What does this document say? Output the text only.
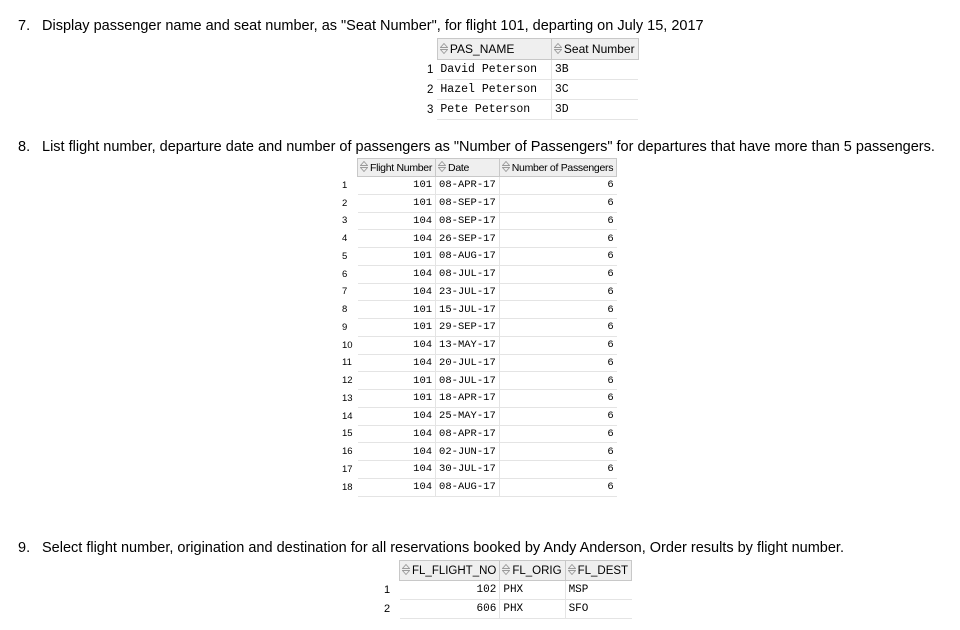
7. Display passenger name and seat number, as "Seat Number", for flight 101, departing on July 15, 2017

PAS_NAME	Seat Number
1	David Peterson	3B
2	Hazel Peterson	3C
3	Pete Peterson	3D
8. List flight number, departure date and number of passengers as "Number of Passengers" for departures that have more than 5 passengers.

Flight Number	Date	Number of Passengers
1	101	08-APR-17	6
2	101	08-SEP-17	6
3	104	08-SEP-17	6
4	104	26-SEP-17	6
5	101	08-AUG-17	6
6	104	08-JUL-17	6
7	104	23-JUL-17	6
8	101	15-JUL-17	6
9	101	29-SEP-17	6
10	104	13-MAY-17	6
11	104	20-JUL-17	6
12	101	08-JUL-17	6
13	101	18-APR-17	6
14	104	25-MAY-17	6
15	104	08-APR-17	6
16	104	02-JUN-17	6
17	104	30-JUL-17	6
18	104	08-AUG-17	6
9. Select flight number, origination and destination for all reservations booked by Andy Anderson, Order results by flight number.

FL_FLIGHT_NO	FL_ORIG	FL_DEST
1	102	PHX	MSP
2	606	PHX	SFO
